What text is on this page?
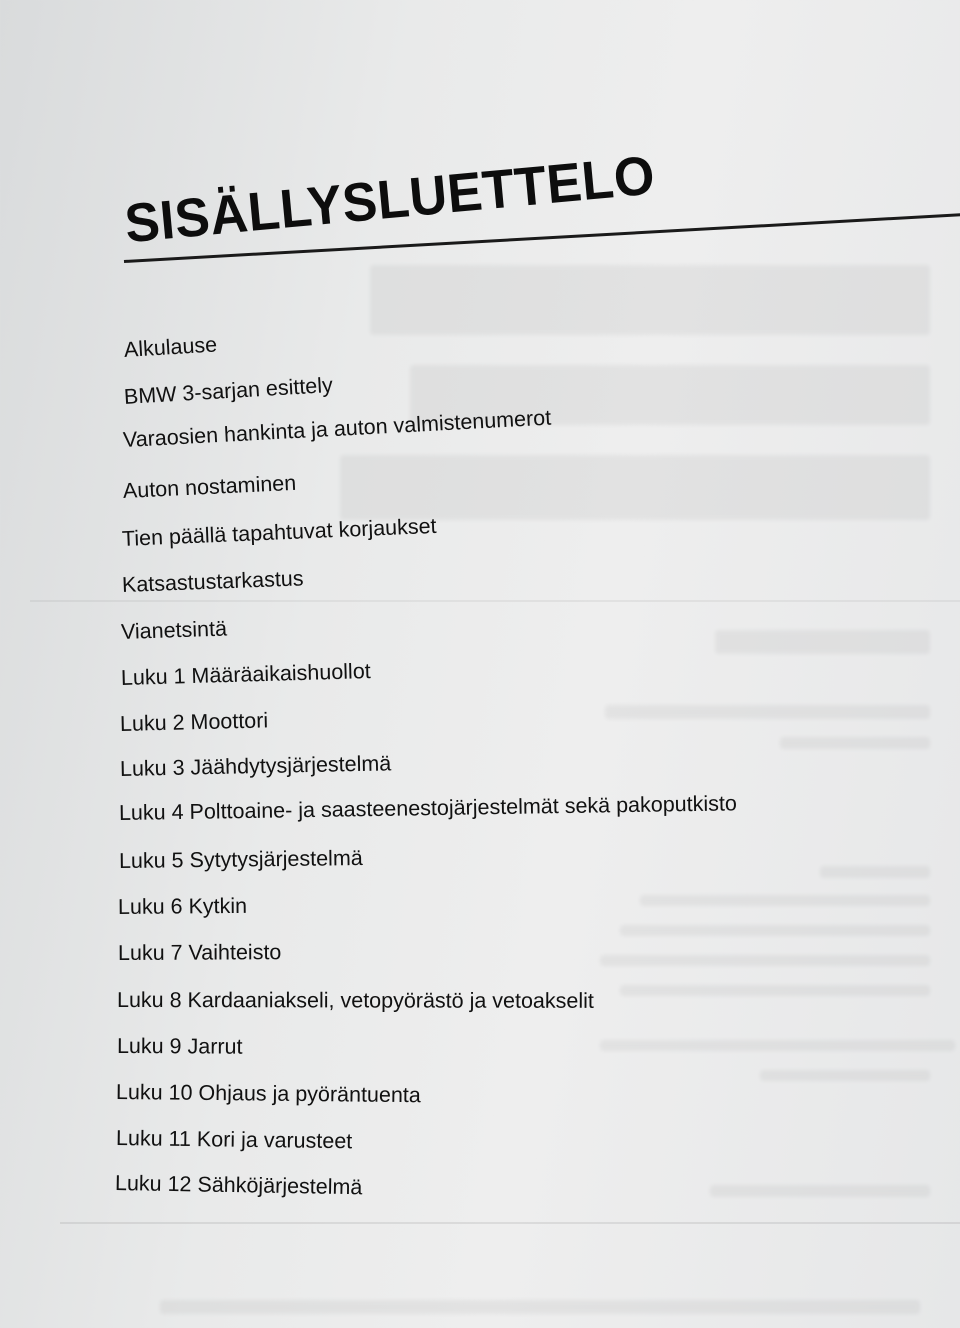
SISÄLLYSLUETTELO
Alkulause
BMW 3-sarjan esittely
Varaosien hankinta ja auton valmistenumerot
Auton nostaminen
Tien päällä tapahtuvat korjaukset
Katsastustarkastus
Vianetsintä
Luku 1 Määräaikaishuollot
Luku 2 Moottori
Luku 3 Jäähdytysjärjestelmä
Luku 4 Polttoaine- ja saasteenestojärjestelmät sekä pakoputkisto
Luku 5 Sytytysjärjestelmä
Luku 6 Kytkin
Luku 7 Vaihteisto
Luku 8 Kardaaniakseli, vetopyörästö ja vetoakselit
Luku 9 Jarrut
Luku 10 Ohjaus ja pyöräntuenta
Luku 11 Kori ja varusteet
Luku 12 Sähköjärjestelmä
